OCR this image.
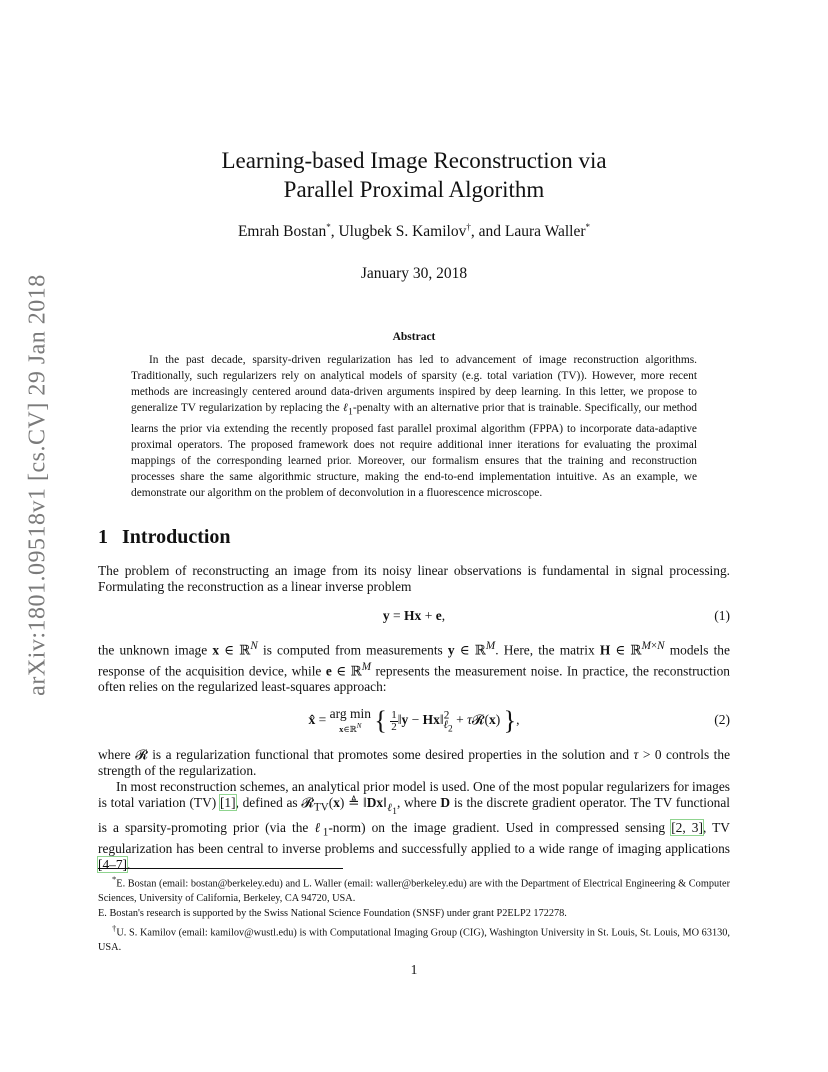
arXiv:1801.09518v1 [cs.CV] 29 Jan 2018
Learning-based Image Reconstruction via
Parallel Proximal Algorithm
Emrah Bostan*, Ulugbek S. Kamilov†, and Laura Waller*
January 30, 2018
Abstract
In the past decade, sparsity-driven regularization has led to advancement of image reconstruction algorithms. Traditionally, such regularizers rely on analytical models of sparsity (e.g. total variation (TV)). However, more recent methods are increasingly centered around data-driven arguments inspired by deep learning. In this letter, we propose to generalize TV regularization by replacing the ℓ$_1$-penalty with an alternative prior that is trainable. Specifically, our method learns the prior via extending the recently proposed fast parallel proximal algorithm (FPPA) to incorporate data-adaptive proximal operators. The proposed framework does not require additional inner iterations for evaluating the proximal mappings of the corresponding learned prior. Moreover, our formalism ensures that the training and reconstruction processes share the same algorithmic structure, making the end-to-end implementation intuitive. As an example, we demonstrate our algorithm on the problem of deconvolution in a fluorescence microscope.
1 Introduction
The problem of reconstructing an image from its noisy linear observations is fundamental in signal processing. Formulating the reconstruction as a linear inverse problem
y = Hx + e,	(1)
the unknown image x ∈ ℝ$^N$ is computed from measurements y ∈ ℝ$^M$. Here, the matrix H ∈ ℝ$^{M\times N}$ models the response of the acquisition device, while e ∈ ℝ$^M$ represents the measurement noise. In practice, the reconstruction often relies on the regularized least-squares approach:
x̂ = arg min
x∈ℝ$^N$ { $\frac{1}{2}$ ‖y − Hx‖$^2_{\ell_2}$ + τ𝓡(x) },	(2)
where 𝓡 is a regularization functional that promotes some desired properties in the solution and τ > 0 controls the strength of the regularization.
In most reconstruction schemes, an analytical prior model is used. One of the most popular regularizers for images is total variation (TV) [1], defined as 𝓡$_{TV}$(x) ≜ $‖Dx‖_{\ell_1}$, where D is the discrete gradient operator. The TV functional is a sparsity-promoting prior (via the ℓ$_1$-norm) on the image gradient. Used in compressed sensing [2, 3], TV regularization has been central to inverse problems and successfully applied to a wide range of imaging applications [4–7].

*E. Bostan (email: bostan@berkeley.edu) and L. Waller (email: waller@berkeley.edu) are with the Department of Electrical Engineering & Computer Sciences, University of California, Berkeley, CA 94720, USA.

E. Bostan's research is supported by the Swiss National Science Foundation (SNSF) under grant P2ELP2 172278.

†U. S. Kamilov (email: kamilov@wustl.edu) is with Computational Imaging Group (CIG), Washington University in St. Louis, St. Louis, MO 63130, USA.

1
